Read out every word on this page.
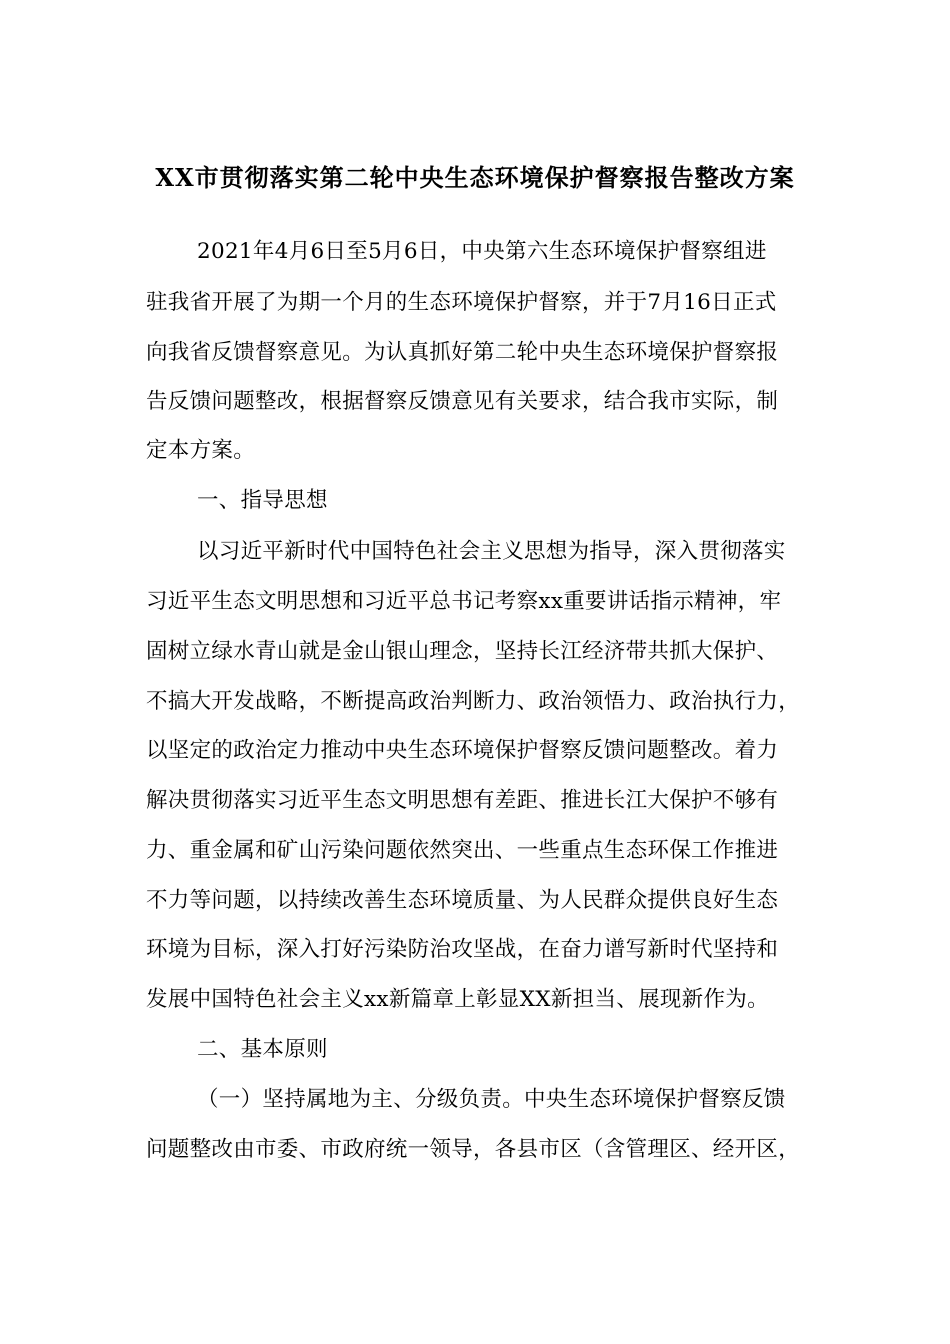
XX市贯彻落实第二轮中央生态环境保护督察报告整改方案
2021年4月6日至5月6日，中央第六生态环境保护督察组进
驻我省开展了为期一个月的生态环境保护督察，并于7月16日正式
向我省反馈督察意见。为认真抓好第二轮中央生态环境保护督察报
告反馈问题整改，根据督察反馈意见有关要求，结合我市实际，制
定本方案。
一、指导思想
以习近平新时代中国特色社会主义思想为指导，深入贯彻落实
习近平生态文明思想和习近平总书记考察xx重要讲话指示精神，牢
固树立绿水青山就是金山银山理念，坚持长江经济带共抓大保护、
不搞大开发战略，不断提高政治判断力、政治领悟力、政治执行力，
以坚定的政治定力推动中央生态环境保护督察反馈问题整改。着力
解决贯彻落实习近平生态文明思想有差距、推进长江大保护不够有
力、重金属和矿山污染问题依然突出、一些重点生态环保工作推进
不力等问题，以持续改善生态环境质量、为人民群众提供良好生态
环境为目标，深入打好污染防治攻坚战，在奋力谱写新时代坚持和
发展中国特色社会主义xx新篇章上彰显XX新担当、展现新作为。
二、基本原则
（一）坚持属地为主、分级负责。中央生态环境保护督察反馈
问题整改由市委、市政府统一领导，各县市区（含管理区、经开区，
